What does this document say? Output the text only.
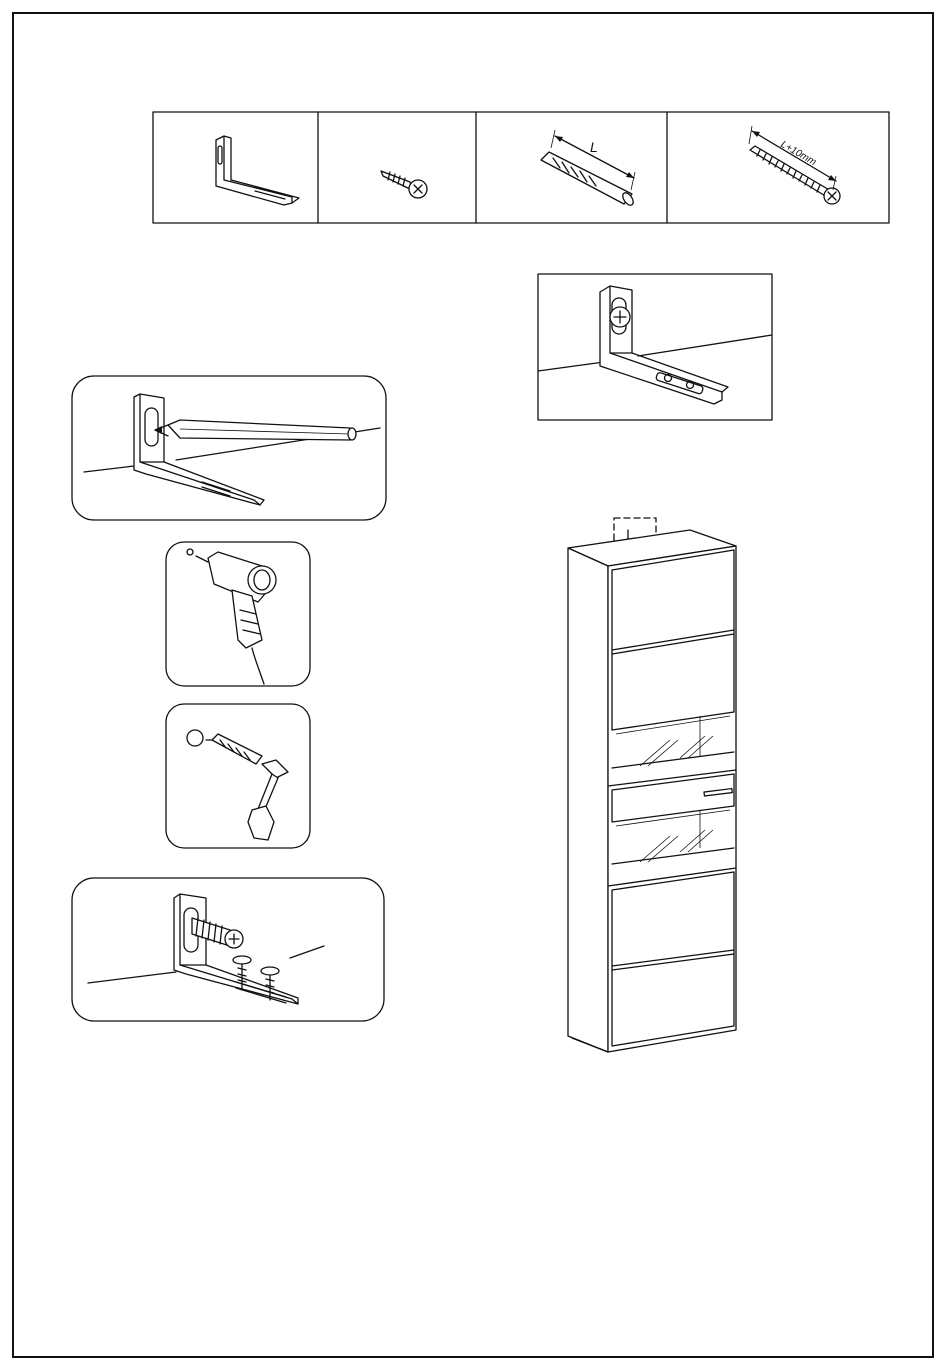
L	L+10mm
